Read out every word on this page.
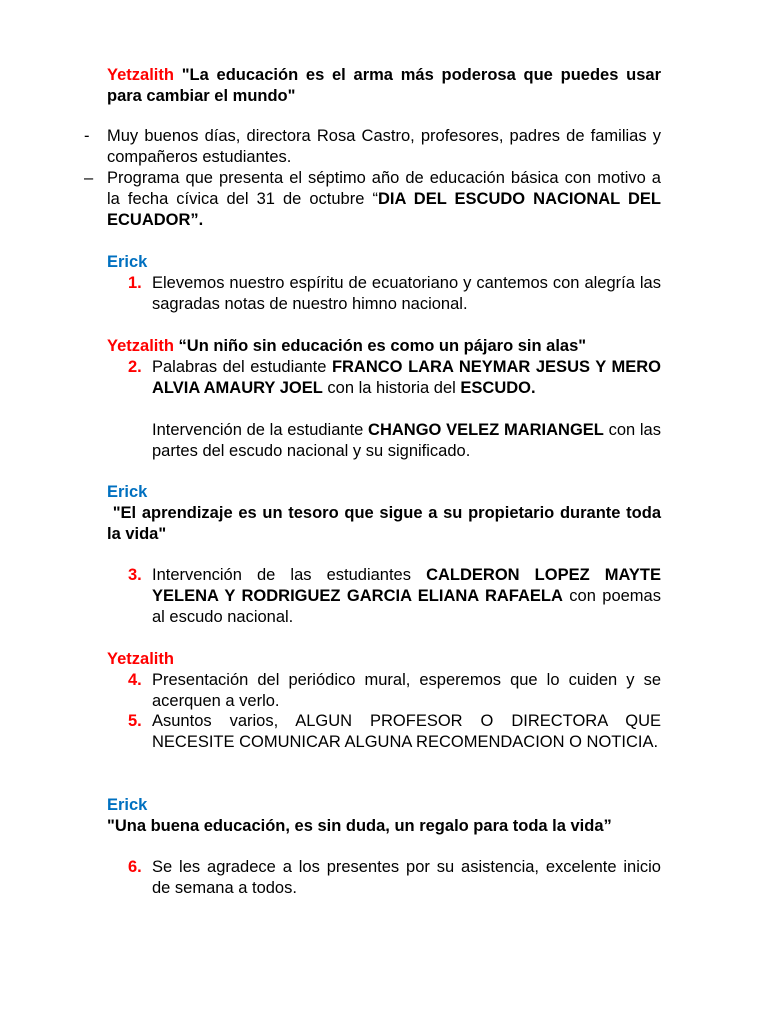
Yetzalith "La educación es el arma más poderosa que puedes usar para cambiar el mundo"
-	Muy buenos días, directora Rosa Castro, profesores, padres de familias y compañeros estudiantes.
– Programa que presenta el séptimo año de educación básica con motivo a la fecha cívica del 31 de octubre “DIA DEL ESCUDO NACIONAL DEL ECUADOR”.
Erick
1. Elevemos nuestro espíritu de ecuatoriano y cantemos con alegría las sagradas notas de nuestro himno nacional.
Yetzalith “Un niño sin educación es como un pájaro sin alas"
2. Palabras del estudiante FRANCO LARA NEYMAR JESUS Y MERO ALVIA AMAURY JOEL con la historia del ESCUDO.
Intervención de la estudiante CHANGO VELEZ MARIANGEL con las partes del escudo nacional y su significado.
Erick
"El aprendizaje es un tesoro que sigue a su propietario durante toda la vida"
3. Intervención de las estudiantes CALDERON LOPEZ MAYTE YELENA Y RODRIGUEZ GARCIA ELIANA RAFAELA con poemas al escudo nacional.
Yetzalith
4. Presentación del periódico mural, esperemos que lo cuiden y se acerquen a verlo.
5. Asuntos varios, ALGUN PROFESOR O DIRECTORA QUE NECESITE COMUNICAR ALGUNA RECOMENDACION O NOTICIA.
Erick
"Una buena educación, es sin duda, un regalo para toda la vida”
6. Se les agradece a los presentes por su asistencia, excelente inicio de semana a todos.
